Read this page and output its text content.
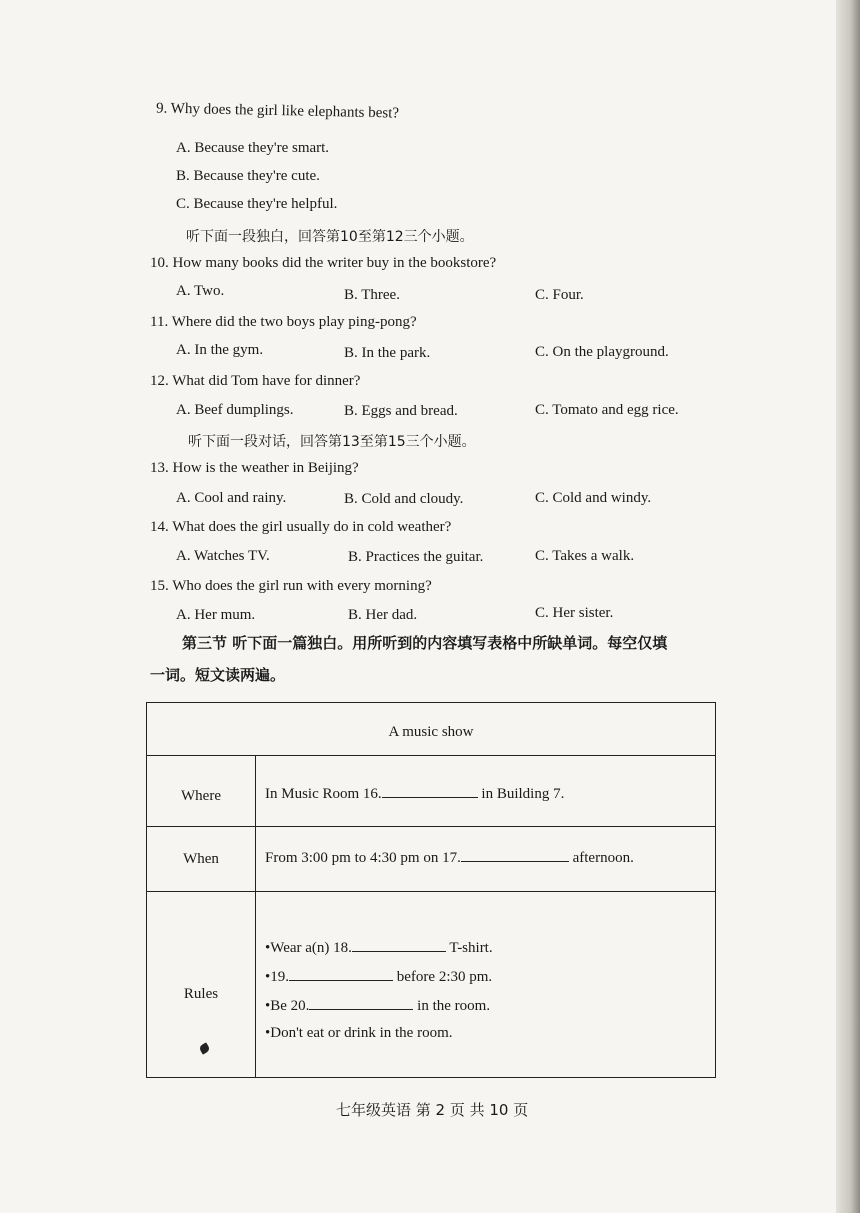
9. Why does the girl like elephants best?
A. Because they're smart.
B. Because they're cute.
C. Because they're helpful.
听下面一段独白，回答第10至第12三个小题。
10. How many books did the writer buy in the bookstore?
A. Two.	B. Three.	C. Four.
11. Where did the two boys play ping-pong?
A. In the gym.	B. In the park.	C. On the playground.
12. What did Tom have for dinner?
A. Beef dumplings.	B. Eggs and bread.	C. Tomato and egg rice.
听下面一段对话，回答第13至第15三个小题。
13. How is the weather in Beijing?
A. Cool and rainy.	B. Cold and cloudy.	C. Cold and windy.
14. What does the girl usually do in cold weather?
A. Watches TV.	B. Practices the guitar.	C. Takes a walk.
15. Who does the girl run with every morning?
A. Her mum.	B. Her dad.	C. Her sister.
第三节 听下面一篇独白。用所听到的内容填写表格中所缺单词。每空仅填
一词。短文读两遍。
A music show
Where	In Music Room 16.	in Building 7.
When	From 3:00 pm to 4:30 pm on 17.	afternoon.
Rules
•Wear a(n) 18.	T-shirt.
•19.	before 2:30 pm.
•Be 20.	in the room.
•Don't eat or drink in the room.
七年级英语 第 2 页 共 10 页
